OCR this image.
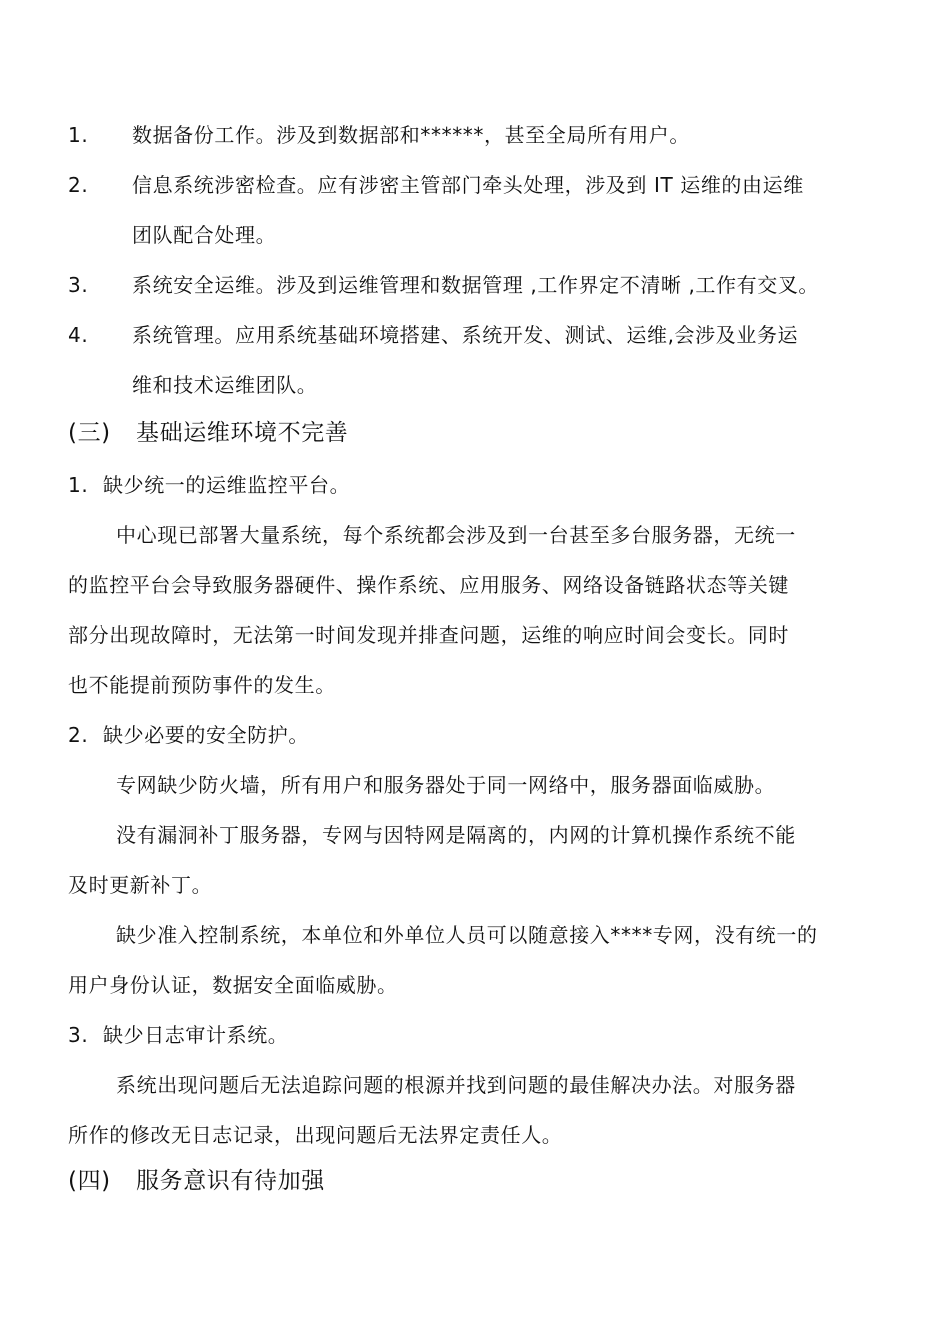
1. 数据备份工作。涉及到数据部和******，甚至全局所有用户。
2. 信息系统涉密检查。应有涉密主管部门牵头处理，涉及到 IT 运维的由运维
团队配合处理。
3. 系统安全运维。涉及到运维管理和数据管理 ,工作界定不清晰 ,工作有交叉。
4. 系统管理。应用系统基础环境搭建、系统开发、测试、运维,会涉及业务运
维和技术运维团队。
(三) 基础运维环境不完善
1. 缺少统一的运维监控平台。
中心现已部署大量系统，每个系统都会涉及到一台甚至多台服务器，无统一
的监控平台会导致服务器硬件、操作系统、应用服务、网络设备链路状态等关键
部分出现故障时，无法第一时间发现并排查问题，运维的响应时间会变长。同时
也不能提前预防事件的发生。
2. 缺少必要的安全防护。
专网缺少防火墙，所有用户和服务器处于同一网络中，服务器面临威胁。
没有漏洞补丁服务器，专网与因特网是隔离的，内网的计算机操作系统不能
及时更新补丁。
缺少准入控制系统，本单位和外单位人员可以随意接入****专网，没有统一的
用户身份认证，数据安全面临威胁。
3. 缺少日志审计系统。
系统出现问题后无法追踪问题的根源并找到问题的最佳解决办法。对服务器
所作的修改无日志记录，出现问题后无法界定责任人。
(四) 服务意识有待加强
